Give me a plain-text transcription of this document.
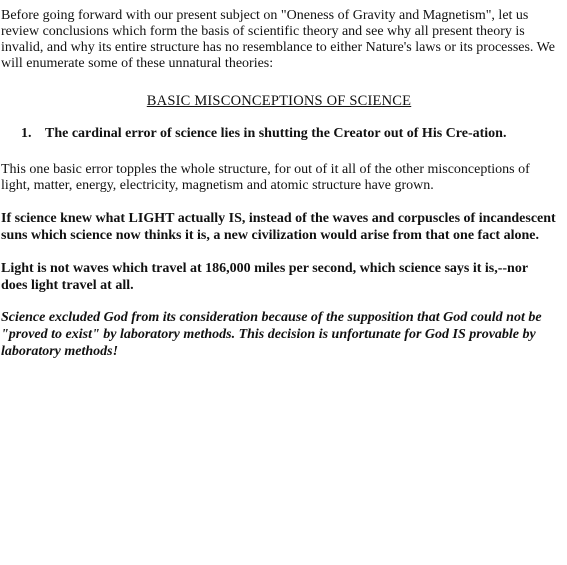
Before going forward with our present subject on "Oneness of Gravity and Magnetism", let us review conclusions which form the basis of scientific theory and see why all present theory is invalid, and why its entire structure has no resemblance to either Nature's laws or its processes. We will enumerate some of these unnatural theories:

BASIC MISCONCEPTIONS OF SCIENCE

1. The cardinal error of science lies in shutting the Creator out of His Cre-ation.

This one basic error topples the whole structure, for out of it all of the other misconceptions of light, matter, energy, electricity, magnetism and atomic structure have grown.

If science knew what LIGHT actually IS, instead of the waves and corpuscles of incandescent suns which science now thinks it is, a new civilization would arise from that one fact alone.

Light is not waves which travel at 186,000 miles per second, which science says it is,--nor does light travel at all.

Science excluded God from its consideration because of the supposition that God could not be "proved to exist" by laboratory methods. This decision is unfortunate for God IS provable by laboratory methods!
